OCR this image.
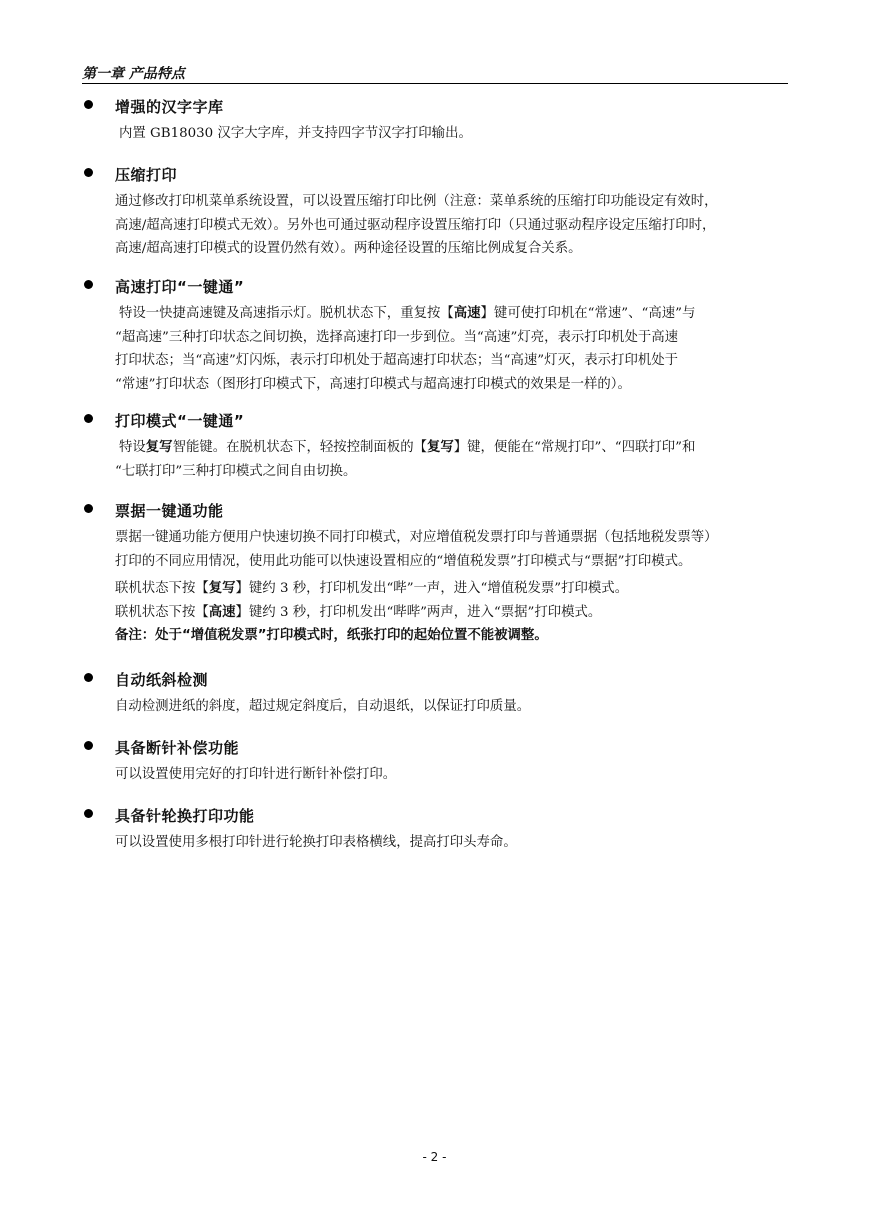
第一章 产品特点
增强的汉字字库

内置 GB18030 汉字大字库，并支持四字节汉字打印输出。

压缩打印

通过修改打印机菜单系统设置，可以设置压缩打印比例（注意：菜单系统的压缩打印功能设定有效时，

高速/超高速打印模式无效）。另外也可通过驱动程序设置压缩打印（只通过驱动程序设定压缩打印时，

高速/超高速打印模式的设置仍然有效）。两种途径设置的压缩比例成复合关系。

高速打印“一键通”

特设一快捷高速键及高速指示灯。脱机状态下，重复按【高速】键可使打印机在“常速”、“高速”与

“超高速”三种打印状态之间切换，选择高速打印一步到位。当“高速”灯亮，表示打印机处于高速

打印状态；当“高速”灯闪烁，表示打印机处于超高速打印状态；当“高速”灯灭，表示打印机处于

“常速”打印状态（图形打印模式下，高速打印模式与超高速打印模式的效果是一样的）。

打印模式“一键通”

特设复写智能键。在脱机状态下，轻按控制面板的【复写】键，便能在“常规打印”、“四联打印”和

“七联打印”三种打印模式之间自由切换。

票据一键通功能

票据一键通功能方便用户快速切换不同打印模式，对应增值税发票打印与普通票据（包括地税发票等）

打印的不同应用情况，使用此功能可以快速设置相应的“增值税发票”打印模式与“票据”打印模式。

联机状态下按【复写】键约 3 秒，打印机发出“哔”一声，进入“增值税发票”打印模式。

联机状态下按【高速】键约 3 秒，打印机发出“哔哔”两声，进入“票据”打印模式。

备注：处于“增值税发票”打印模式时，纸张打印的起始位置不能被调整。

自动纸斜检测

自动检测进纸的斜度，超过规定斜度后，自动退纸，以保证打印质量。

具备断针补偿功能

可以设置使用完好的打印针进行断针补偿打印。

具备针轮换打印功能

可以设置使用多根打印针进行轮换打印表格横线，提高打印头寿命。

- 2 -
